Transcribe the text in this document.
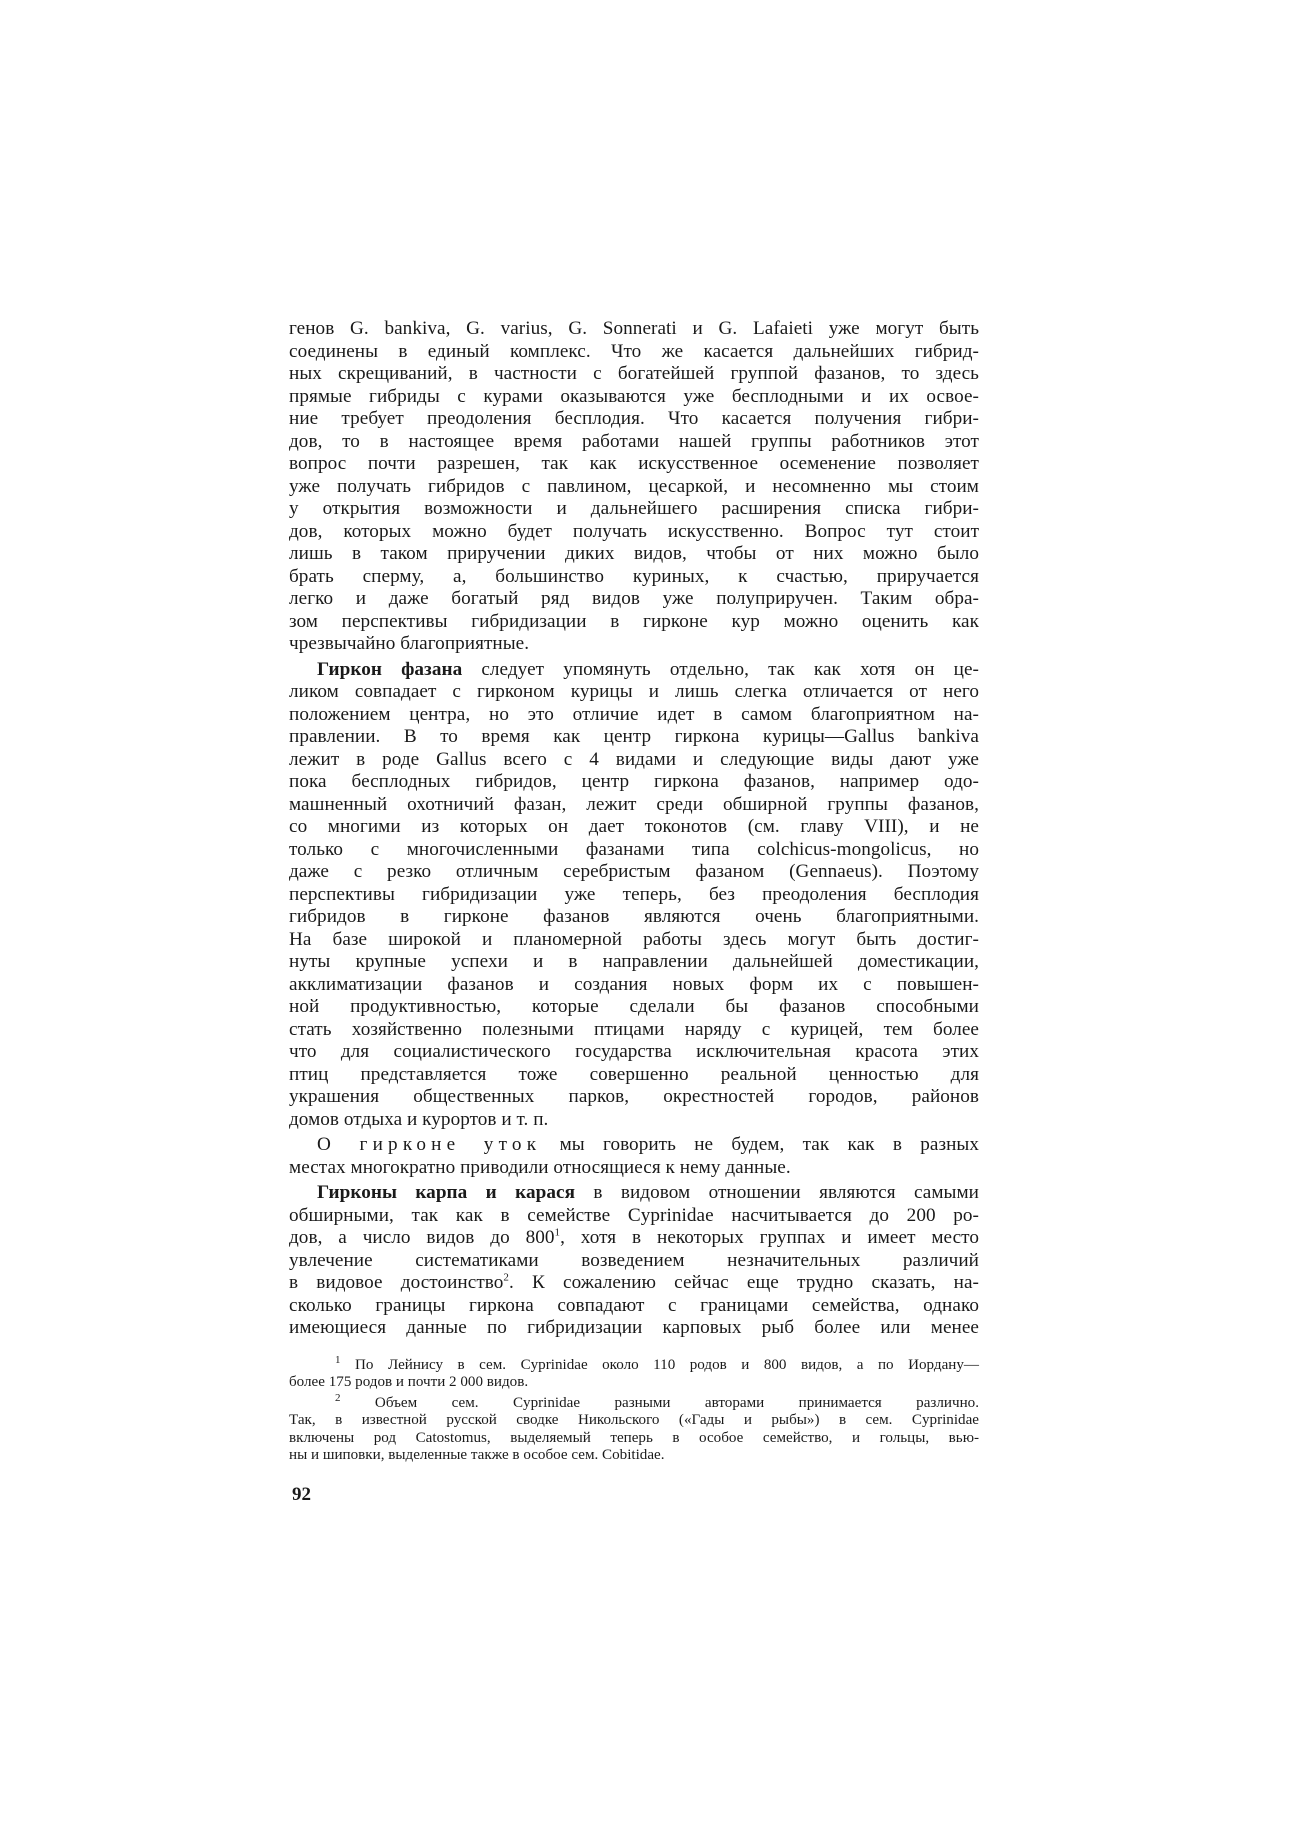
генов G. bankiva, G. varius, G. Sonnerati и G. Lafaieti уже могут быть
соединены в единый комплекс. Что же касается дальнейших гибрид-
ных скрещиваний, в частности с богатейшей группой фазанов, то здесь
прямые гибриды с курами оказываются уже бесплодными и их освое-
ние требует преодоления бесплодия. Что касается получения гибри-
дов, то в настоящее время работами нашей группы работников этот
вопрос почти разрешен, так как искусственное осеменение позволяет
уже получать гибридов с павлином, цесаркой, и несомненно мы стоим
у открытия возможности и дальнейшего расширения списка гибри-
дов, которых можно будет получать искусственно. Вопрос тут стоит
лишь в таком приручении диких видов, чтобы от них можно было
брать сперму, а, большинство куриных, к счастью, приручается
легко и даже богатый ряд видов уже полуприручен. Таким обра-
зом перспективы гибридизации в гирконе кур можно оценить как
чрезвычайно благоприятные.
Гиркон фазана следует упомянуть отдельно, так как хотя он це-
ликом совпадает с гирконом курицы и лишь слегка отличается от него
положением центра, но это отличие идет в самом благоприятном на-
правлении. В то время как центр гиркона курицы—Gallus bankiva
лежит в роде Gallus всего с 4 видами и следующие виды дают уже
пока бесплодных гибридов, центр гиркона фазанов, например одо-
машненный охотничий фазан, лежит среди обширной группы фазанов,
со многими из которых он дает токонотов (см. главу VIII), и не
только с многочисленными фазанами типа colchicus-mongolicus, но
даже с резко отличным серебристым фазаном (Gennaeus). Поэтому
перспективы гибридизации уже теперь, без преодоления бесплодия
гибридов в гирконе фазанов являются очень благоприятными.
На базе широкой и планомерной работы здесь могут быть достиг-
нуты крупные успехи и в направлении дальнейшей доместикации,
акклиматизации фазанов и создания новых форм их с повышен-
ной продуктивностью, которые сделали бы фазанов способными
стать хозяйственно полезными птицами наряду с курицей, тем более
что для социалистического государства исключительная красота этих
птиц представляется тоже совершенно реальной ценностью для
украшения общественных парков, окрестностей городов, районов
домов отдыха и курортов и т. п.
О гирконе уток мы говорить не будем, так как в разных
местах многократно приводили относящиеся к нему данные.
Гирконы карпа и карася в видовом отношении являются самыми
обширными, так как в семействе Cyprinidae насчитывается до 200 ро-
дов, а число видов до $800^1$, хотя в некоторых группах и имеет место
увлечение систематиками возведением незначительных различий
в видовое достоинство$^2$. К сожалению сейчас еще трудно сказать, на-
сколько границы гиркона совпадают с границами семейства, однако
имеющиеся данные по гибридизации карповых рыб более или менее
$^1$ По Лейнису в сем. Cyprinidae около 110 родов и 800 видов, а по Иордану—
более 175 родов и почти 2 000 видов.
$^2$ Объем сем. Cyprinidae разными авторами принимается различно.
Так, в известной русской сводке Никольского («Гады и рыбы») в сем. Cyprinidae
включены род Catostomus, выделяемый теперь в особое семейство, и гольцы, вью-
ны и шиповки, выделенные также в особое сем. Cobitidae.
92
